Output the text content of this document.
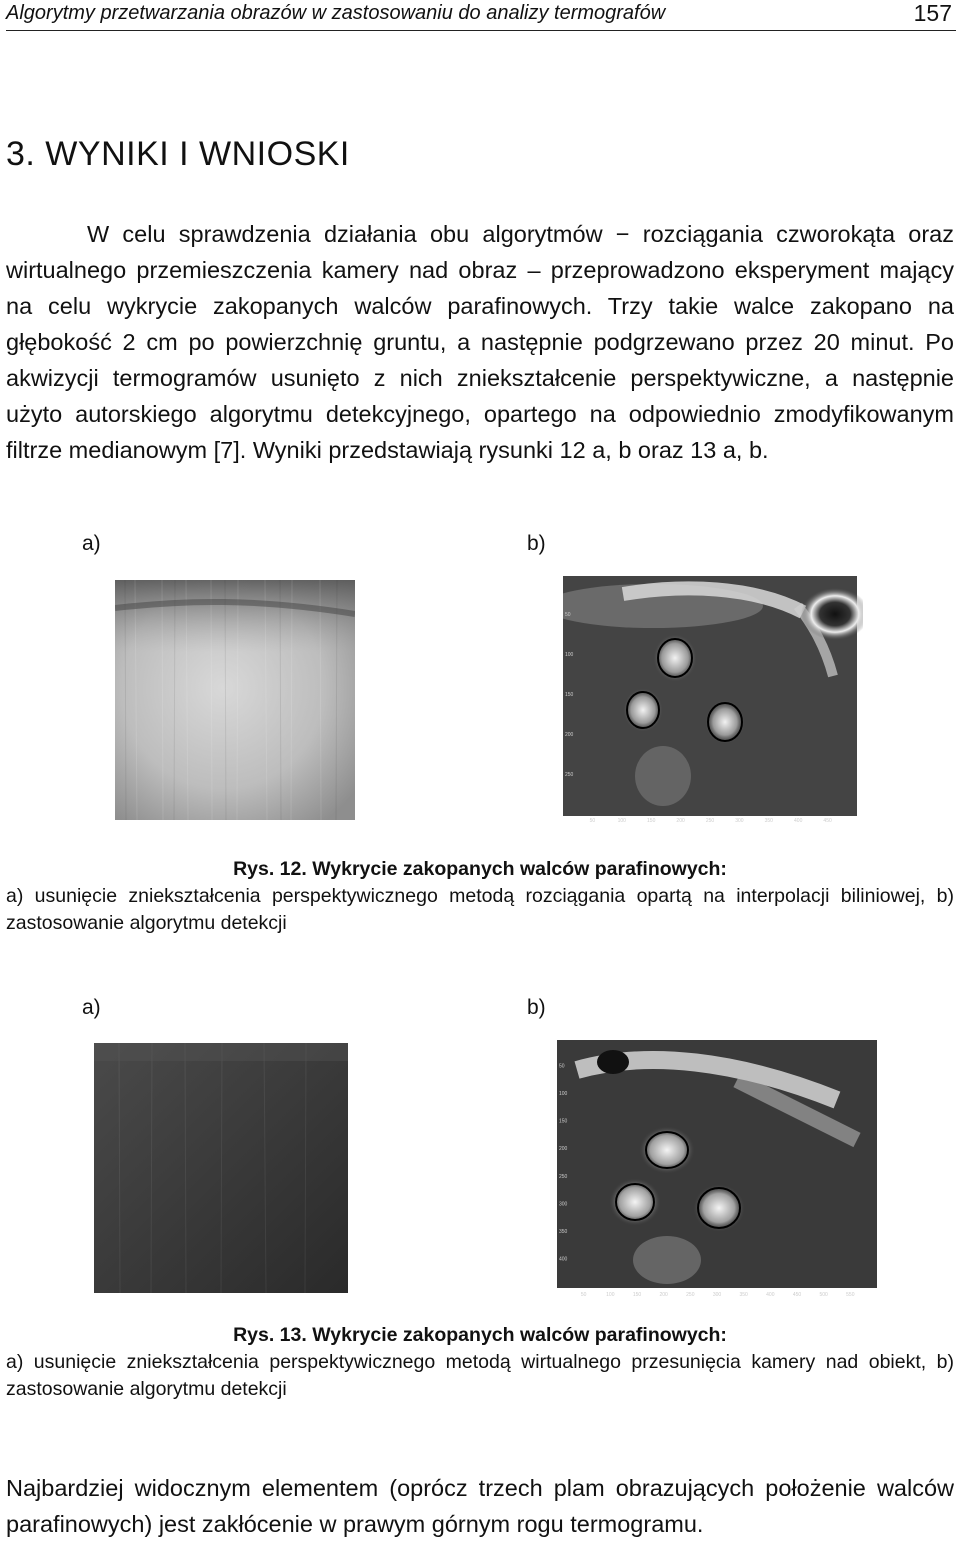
Algorytmy przetwarzania obrazów w zastosowaniu do analizy termografów	157
3. WYNIKI I WNIOSKI

W celu sprawdzenia działania obu algorytmów − rozciągania czworokąta oraz wirtualnego przemieszczenia kamery nad obraz – przeprowadzono eksperyment mający na celu wykrycie zakopanych walców parafinowych. Trzy takie walce zakopano na głębokość 2 cm po powierzchnię gruntu, a następnie podgrzewano przez 20 minut. Po akwizycji termogramów usunięto z nich zniekształcenie perspektywiczne, a następnie użyto autorskiego algorytmu detekcyjnego, opartego na odpowiednio zmodyfikowanym filtrze medianowym [7]. Wyniki przedstawiają rysunki 12 a, b oraz 13 a, b.

a)	b)
50
100
150
200
250
50	100	150	200	250	300	350	400	450
Rys. 12. Wykrycie zakopanych walców parafinowych:
a) usunięcie zniekształcenia perspektywicznego metodą rozciągania opartą na interpolacji biliniowej, b) zastosowanie algorytmu detekcji
a)	b)
50
100
150
200
250
300
350
400
50	100	150	200	250	300	350	400	450	500	550
Rys. 13. Wykrycie zakopanych walców parafinowych:
a) usunięcie zniekształcenia perspektywicznego metodą wirtualnego przesunięcia kamery nad obiekt, b) zastosowanie algorytmu detekcji
Najbardziej widocznym elementem (oprócz trzech plam obrazujących położenie walców parafinowych) jest zakłócenie w prawym górnym rogu termogramu.
